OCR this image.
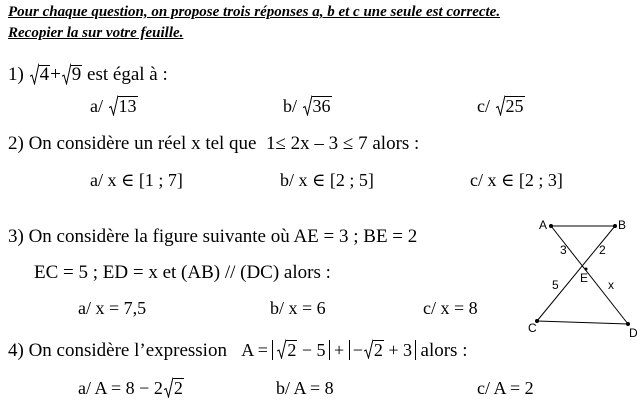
Pour chaque question, on propose trois réponses a, b et c une seule est correcte.
Recopier la sur votre feuille.
1) 4+ 9 est égal à :
a/ 13	b/ 36	c/ 25
2) On considère un réel x tel que 1≤ 2x – 3 ≤ 7 alors :
a/ x ∈ [1 ; 7]	b/ x ∈ [2 ; 5]	c/ x ∈ [2 ; 3]
3) On considère la figure suivante où AE = 3 ; BE = 2
EC = 5 ; ED = x et (AB) // (DC) alors :
a/ x = 7,5	b/ x = 6	c/ x = 8
A	B
C	D
E
3	2
5	x
4) On considère l’expression A = 2 − 5 + − 2 + 3 alors :
a/ A = 8 − 2 2	b/ A = 8	c/ A = 2
